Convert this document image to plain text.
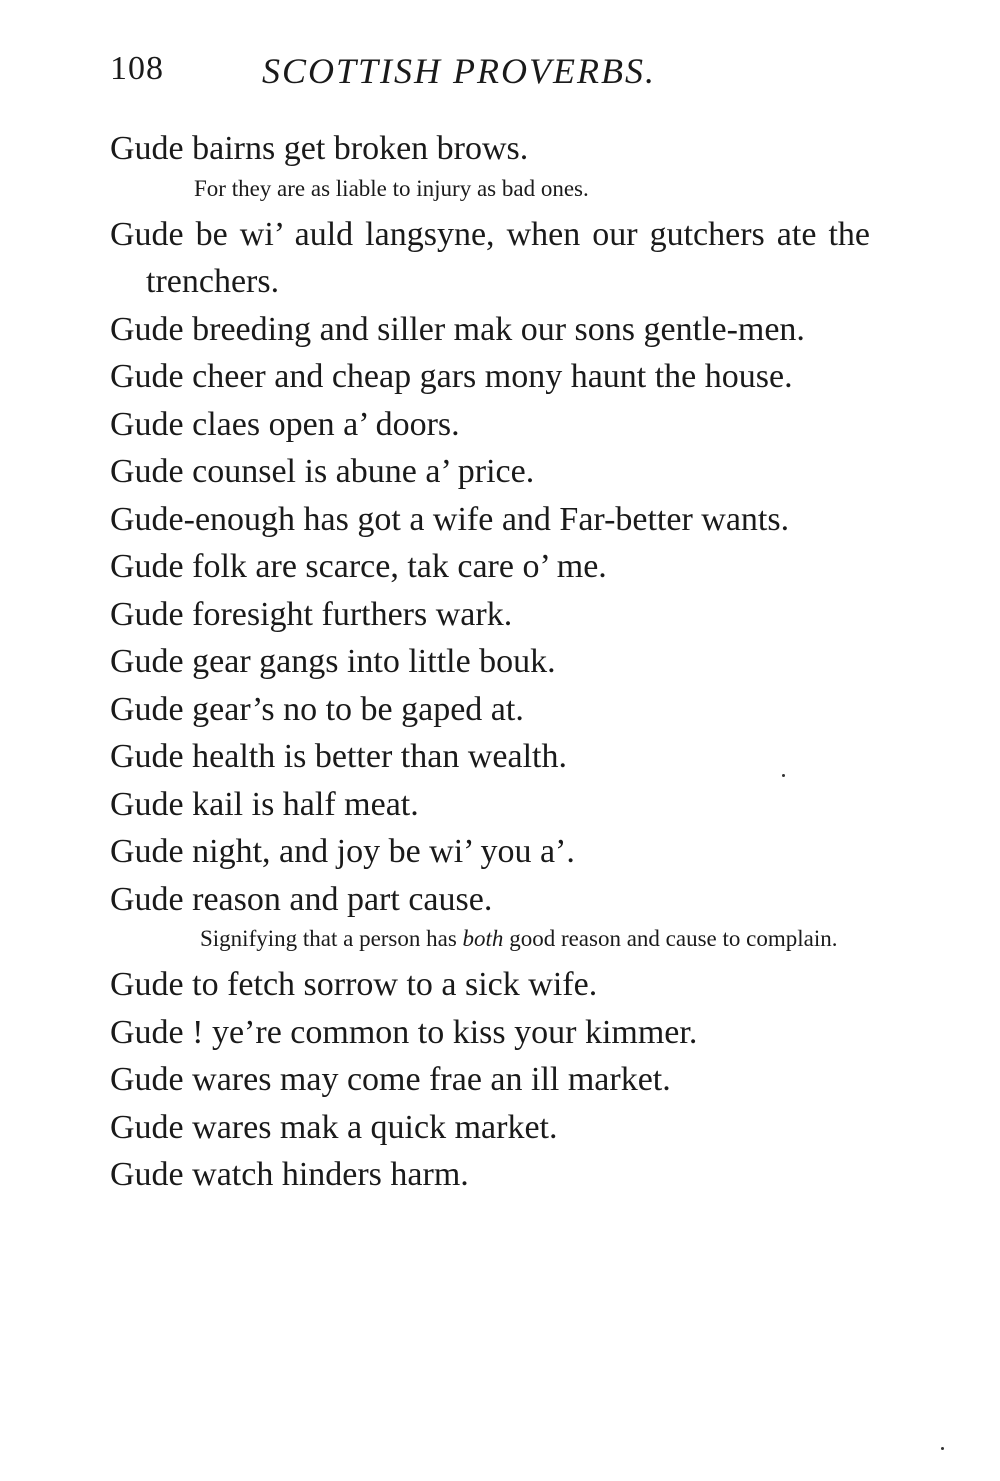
108	SCOTTISH PROVERBS.

Gude bairns get broken brows.

For they are as liable to injury as bad ones.

Gude be wi’ auld langsyne, when our gutchers ate the trenchers.

Gude breeding and siller mak our sons gentle-men.

Gude cheer and cheap gars mony haunt the house.

Gude claes open a’ doors.

Gude counsel is abune a’ price.

Gude-enough has got a wife and Far-better wants.

Gude folk are scarce, tak care o’ me.

Gude foresight furthers wark.

Gude gear gangs into little bouk.

Gude gear’s no to be gaped at.

Gude health is better than wealth.

Gude kail is half meat.

Gude night, and joy be wi’ you a’.

Gude reason and part cause.

Signifying that a person has both good reason and cause to complain.

Gude to fetch sorrow to a sick wife.

Gude ! ye’re common to kiss your kimmer.

Gude wares may come frae an ill market.

Gude wares mak a quick market.

Gude watch hinders harm.
